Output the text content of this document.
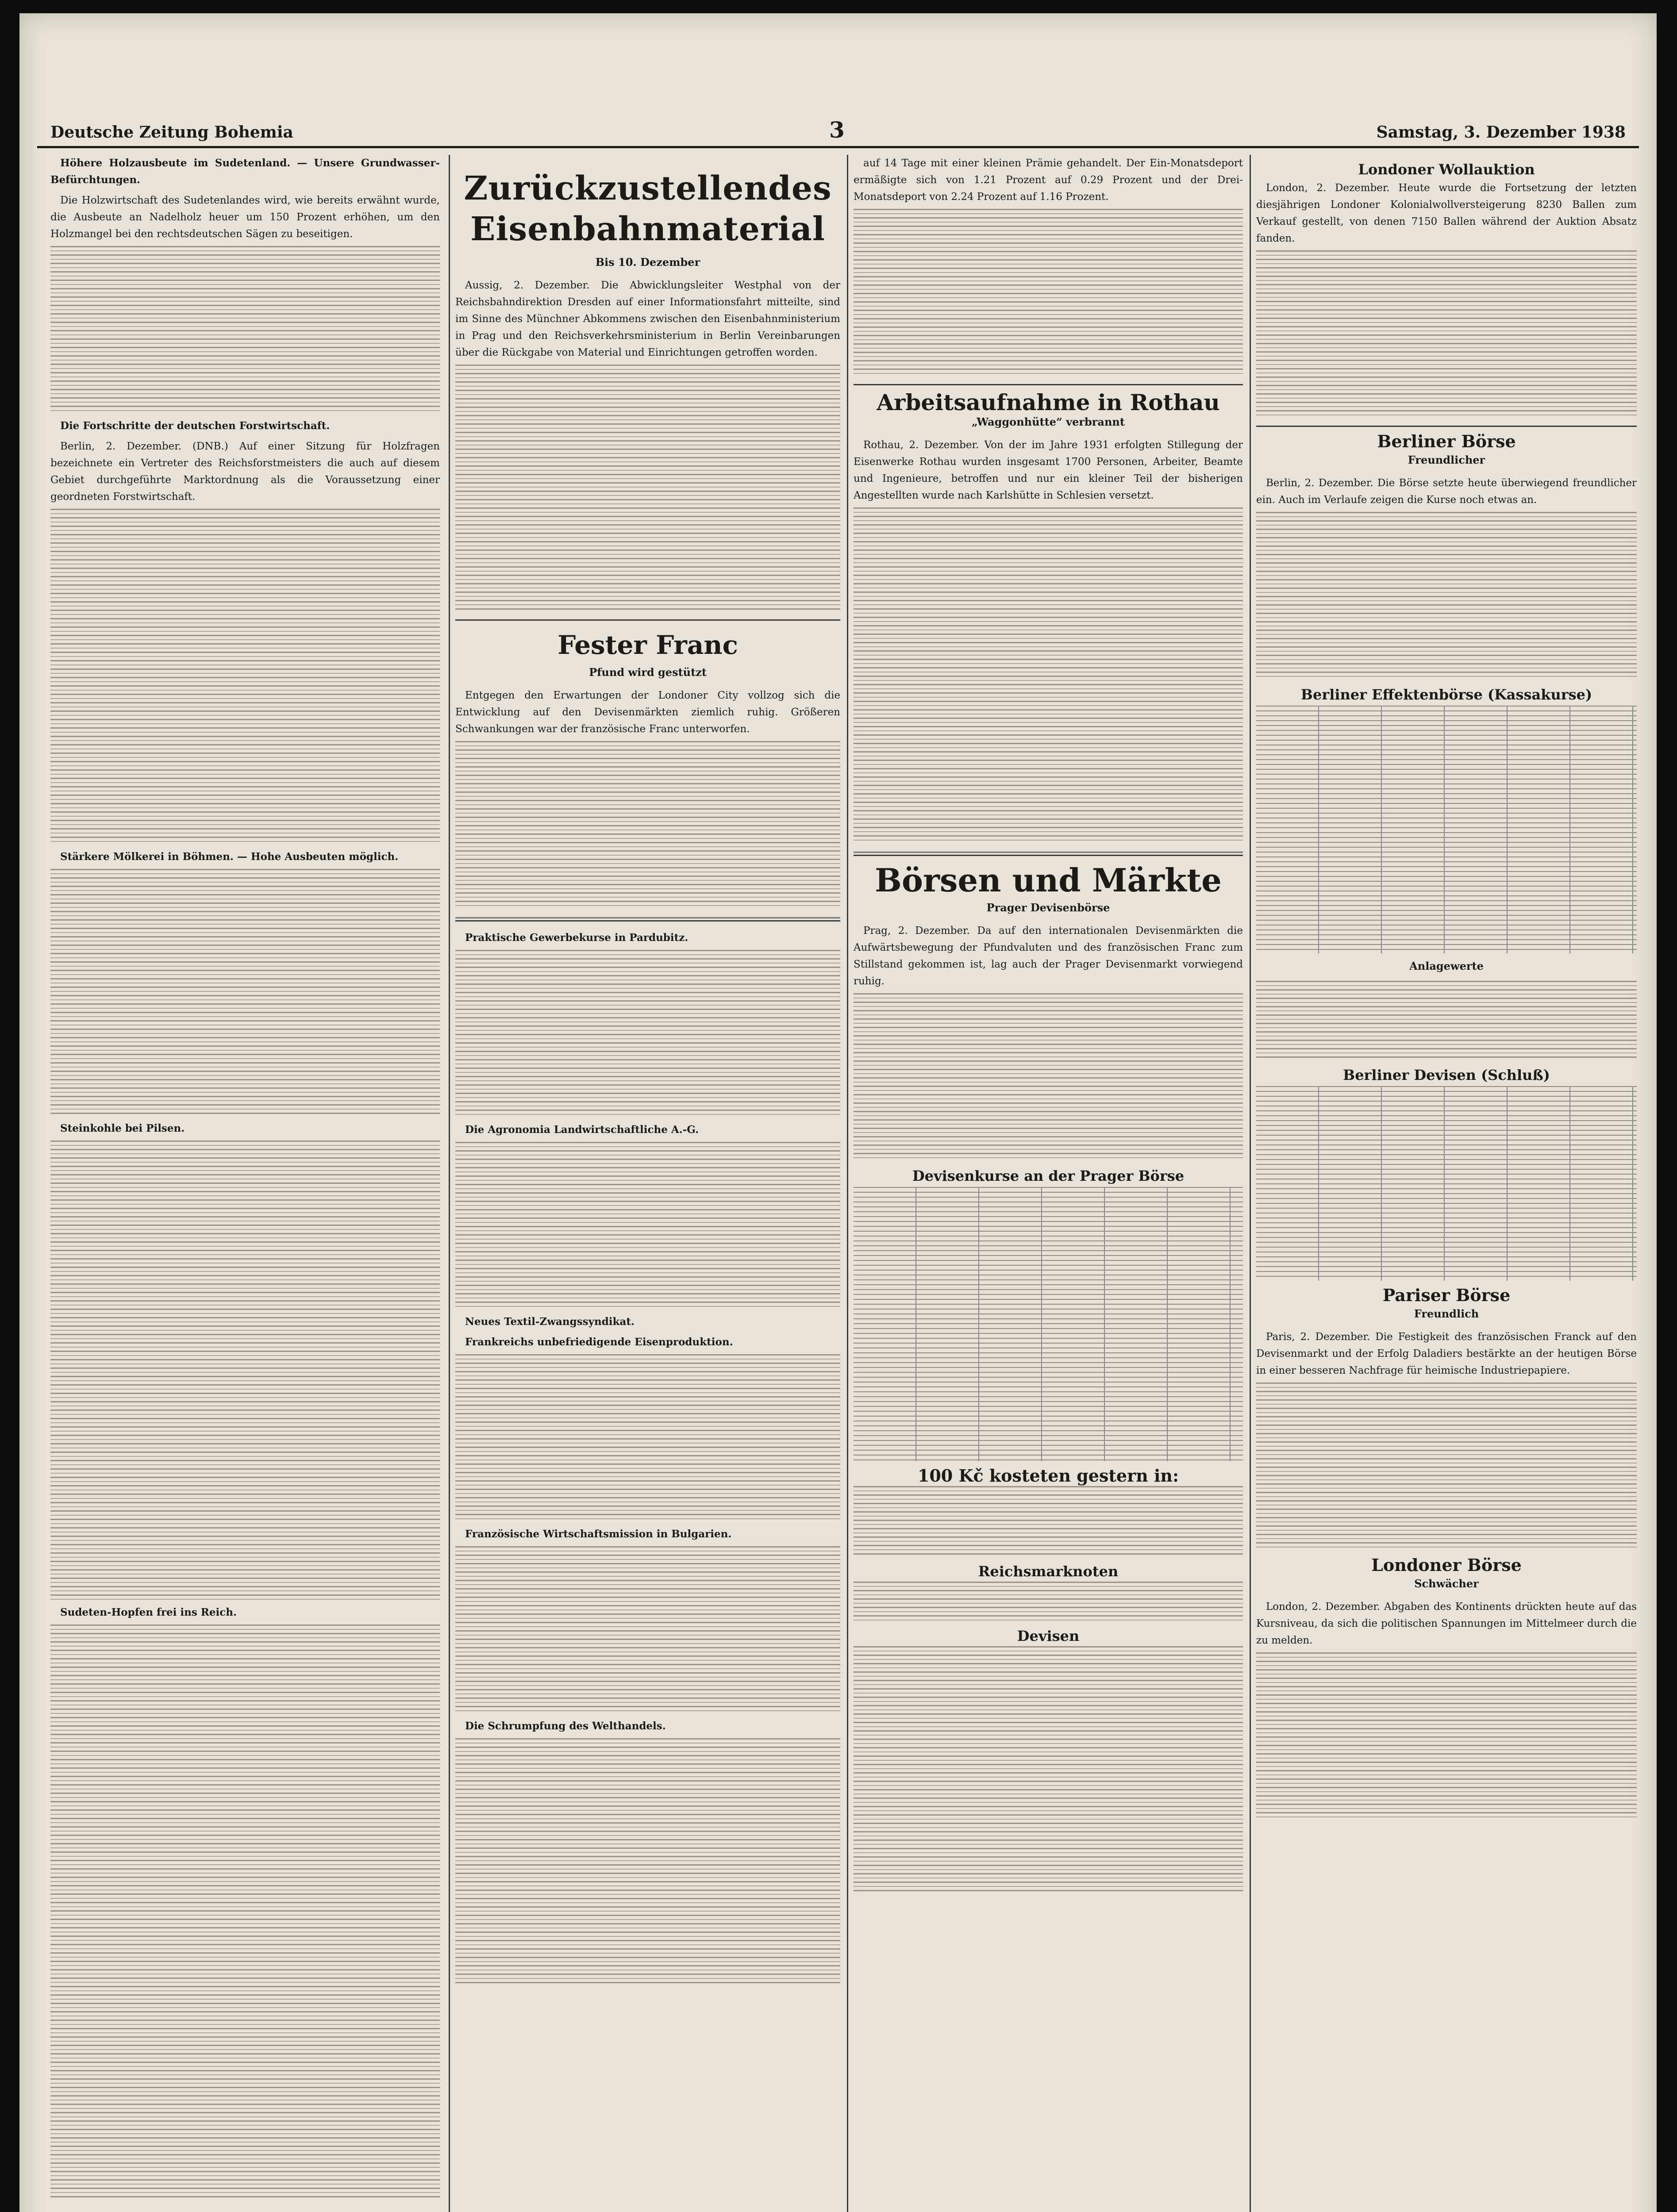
Deutsche Zeitung Bohemia	3	Samstag, 3. Dezember 1938

Höhere Holzausbeute im Sudetenland. — Unsere Grundwasser-Befürchtungen.

Die Holzwirtschaft des Sudetenlandes wird, wie bereits erwähnt wurde, die Ausbeute an Nadelholz heuer um 150 Prozent erhöhen, um den Holzmangel bei den rechtsdeutschen Sägen zu beseitigen.

Die Fortschritte der deutschen Forstwirtschaft.

Berlin, 2. Dezember. (DNB.) Auf einer Sitzung für Holzfragen bezeichnete ein Vertreter des Reichsforstmeisters die auch auf diesem Gebiet durchgeführte Marktordnung als die Voraussetzung einer geordneten Forstwirtschaft.

Stärkere Mölkerei in Böhmen. — Hohe Ausbeuten möglich.

Steinkohle bei Pilsen.

Sudeten-Hopfen frei ins Reich.

Zurückzustellendes Eisenbahnmaterial
Bis 10. Dezember

Aussig, 2. Dezember. Die Abwicklungsleiter Westphal von der Reichsbahndirektion Dresden auf einer Informationsfahrt mitteilte, sind im Sinne des Münchner Abkommens zwischen den Eisenbahnministerium in Prag und den Reichsverkehrsministerium in Berlin Vereinbarungen über die Rückgabe von Material und Einrichtungen getroffen worden.

Fester Franc
Pfund wird gestützt

Entgegen den Erwartungen der Londoner City vollzog sich die Entwicklung auf den Devisenmärkten ziemlich ruhig. Größeren Schwankungen war der französische Franc unterworfen.

Praktische Gewerbekurse in Pardubitz.

Die Agronomia Landwirtschaftliche A.-G.

Neues Textil-Zwangssyndikat.

Frankreichs unbefriedigende Eisenproduktion.

Französische Wirtschaftsmission in Bulgarien.

Die Schrumpfung des Welthandels.

auf 14 Tage mit einer kleinen Prämie gehandelt. Der Ein-Monatsdeport ermäßigte sich von 1.21 Prozent auf 0.29 Prozent und der Drei-Monatsdeport von 2.24 Prozent auf 1.16 Prozent.

Arbeitsaufnahme in Rothau
„Waggonhütte“ verbrannt

Rothau, 2. Dezember. Von der im Jahre 1931 erfolgten Stillegung der Eisenwerke Rothau wurden insgesamt 1700 Personen, Arbeiter, Beamte und Ingenieure, betroffen und nur ein kleiner Teil der bisherigen Angestellten wurde nach Karlshütte in Schlesien versetzt.

Börsen und Märkte
Prager Devisenbörse

Prag, 2. Dezember. Da auf den internationalen Devisenmärkten die Aufwärtsbewegung der Pfundvaluten und des französischen Franc zum Stillstand gekommen ist, lag auch der Prager Devisenmarkt vorwiegend ruhig.

Devisenkurse an der Prager Börse
100 Kč kosteten gestern in:
Reichsmarknoten
Devisen
Londoner Wollauktion

London, 2. Dezember. Heute wurde die Fortsetzung der letzten diesjährigen Londoner Kolonialwollversteigerung 8230 Ballen zum Verkauf gestellt, von denen 7150 Ballen während der Auktion Absatz fanden.

Berliner Börse
Freundlicher

Berlin, 2. Dezember. Die Börse setzte heute überwiegend freundlicher ein. Auch im Verlaufe zeigen die Kurse noch etwas an.

Berliner Effektenbörse (Kassakurse)
Anlagewerte
Berliner Devisen (Schluß)
Pariser Börse
Freundlich

Paris, 2. Dezember. Die Festigkeit des französischen Franck auf den Devisenmarkt und der Erfolg Daladiers bestärkte an der heutigen Börse in einer besseren Nachfrage für heimische Industriepapiere.

Londoner Börse
Schwächer

London, 2. Dezember. Abgaben des Kontinents drückten heute auf das Kursniveau, da sich die politischen Spannungen im Mittelmeer durch die zu melden.
